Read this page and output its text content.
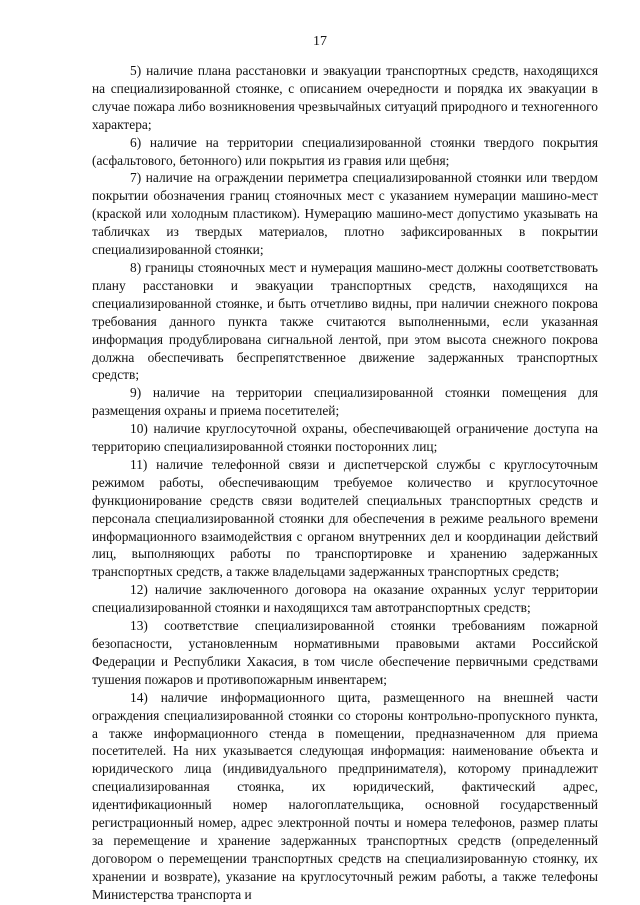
17

5) наличие плана расстановки и эвакуации транспортных средств, находящихся на специализированной стоянке, с описанием очередности и порядка их эвакуации в случае пожара либо возникновения чрезвычайных ситуаций природного и техногенного характера;

6) наличие на территории специализированной стоянки твердого покрытия (асфальтового, бетонного) или покрытия из гравия или щебня;

7) наличие на ограждении периметра специализированной стоянки или твердом покрытии обозначения границ стояночных мест с указанием нумерации машино-мест (краской или холодным пластиком). Нумерацию машино-мест допустимо указывать на табличках из твердых материалов, плотно зафиксированных в покрытии специализированной стоянки;

8) границы стояночных мест и нумерация машино-мест должны соответствовать плану расстановки и эвакуации транспортных средств, находящихся на специализированной стоянке, и быть отчетливо видны, при наличии снежного покрова требования данного пункта также считаются выполненными, если указанная информация продублирована сигнальной лентой, при этом высота снежного покрова должна обеспечивать беспрепятственное движение задержанных транспортных средств;

9) наличие на территории специализированной стоянки помещения для размещения охраны и приема посетителей;

10) наличие круглосуточной охраны, обеспечивающей ограничение доступа на территорию специализированной стоянки посторонних лиц;

11) наличие телефонной связи и диспетчерской службы с круглосуточным режимом работы, обеспечивающим требуемое количество и круглосуточное функционирование средств связи водителей специальных транспортных средств и персонала специализированной стоянки для обеспечения в режиме реального времени информационного взаимодействия с органом внутренних дел и координации действий лиц, выполняющих работы по транспортировке и хранению задержанных транспортных средств, а также владельцами задержанных транспортных средств;

12) наличие заключенного договора на оказание охранных услуг территории специализированной стоянки и находящихся там автотранспортных средств;

13) соответствие специализированной стоянки требованиям пожарной безопасности, установленным нормативными правовыми актами Российской Федерации и Республики Хакасия, в том числе обеспечение первичными средствами тушения пожаров и противопожарным инвентарем;

14) наличие информационного щита, размещенного на внешней части ограждения специализированной стоянки со стороны контрольно-пропускного пункта, а также информационного стенда в помещении, предназначенном для приема посетителей. На них указывается следующая информация: наименование объекта и юридического лица (индивидуального предпринимателя), которому принадлежит специализированная стоянка, их юридический, фактический адрес, идентификационный номер налогоплательщика, основной государственный регистрационный номер, адрес электронной почты и номера телефонов, размер платы за перемещение и хранение задержанных транспортных средств (определенный договором о перемещении транспортных средств на специализированную стоянку, их хранении и возврате), указание на круглосуточный режим работы, а также телефоны Министерства транспорта и
